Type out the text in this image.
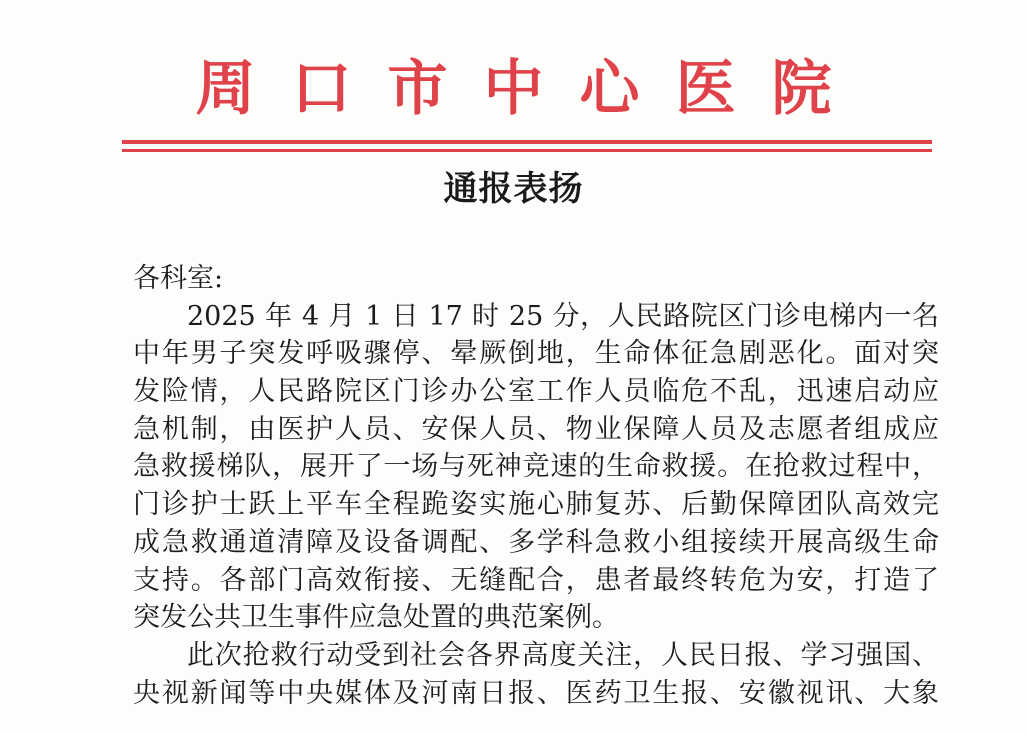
周口市中心医院
通报表扬
各科室:
2025 年 4 月 1 日 17 时 25 分，人民路院区门诊电梯内一名
中年男子突发呼吸骤停、晕厥倒地，生命体征急剧恶化。面对突
发险情，人民路院区门诊办公室工作人员临危不乱，迅速启动应
急机制，由医护人员、安保人员、物业保障人员及志愿者组成应
急救援梯队，展开了一场与死神竞速的生命救援。在抢救过程中，
门诊护士跃上平车全程跪姿实施心肺复苏、后勤保障团队高效完
成急救通道清障及设备调配、多学科急救小组接续开展高级生命
支持。各部门高效衔接、无缝配合，患者最终转危为安，打造了
突发公共卫生事件应急处置的典范案例。
此次抢救行动受到社会各界高度关注，人民日报、学习强国、
央视新闻等中央媒体及河南日报、医药卫生报、安徽视讯、大象
